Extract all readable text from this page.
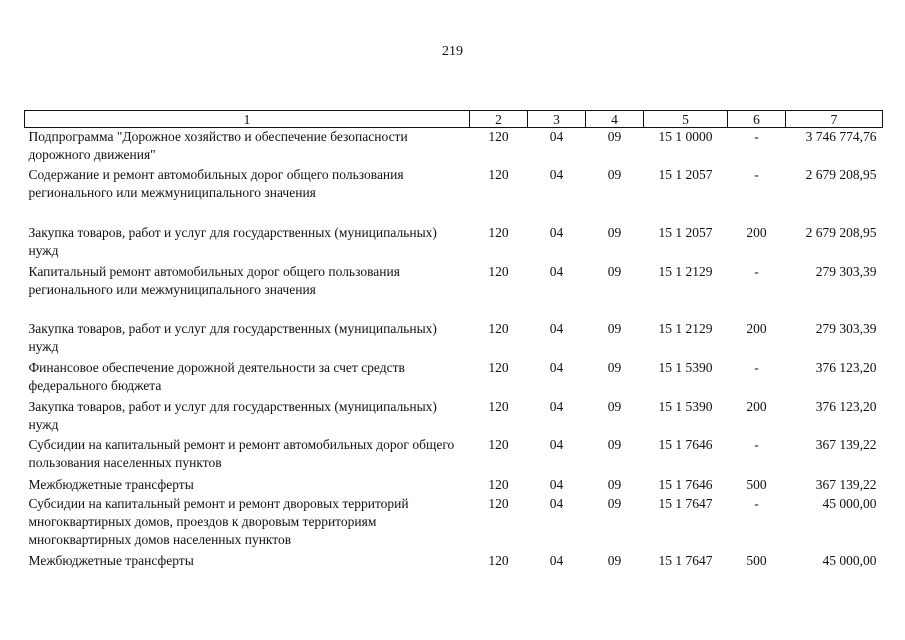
219
1	2	3	4	5	6	7
Подпрограмма "Дорожное хозяйство и обеспечение безопасности дорожного движения"	120	04	09	15 1 0000	-	3 746 774,76
Содержание и ремонт автомобильных дорог общего пользования регионального или межмуниципального значения	120	04	09	15 1 2057	-	2 679 208,95
Закупка товаров, работ и услуг для государственных (муниципальных) нужд	120	04	09	15 1 2057	200	2 679 208,95
Капитальный ремонт автомобильных дорог общего пользования регионального или межмуниципального значения	120	04	09	15 1 2129	-	279 303,39
Закупка товаров, работ и услуг для государственных (муниципальных) нужд	120	04	09	15 1 2129	200	279 303,39
Финансовое обеспечение дорожной деятельности за счет средств федерального бюджета	120	04	09	15 1 5390	-	376 123,20
Закупка товаров, работ и услуг для государственных (муниципальных) нужд	120	04	09	15 1 5390	200	376 123,20
Субсидии на капитальный ремонт и ремонт автомобильных дорог общего пользования населенных пунктов	120	04	09	15 1 7646	-	367 139,22
Межбюджетные трансферты	120	04	09	15 1 7646	500	367 139,22
Субсидии на капитальный ремонт и ремонт дворовых территорий многоквартирных домов, проездов к дворовым территориям многоквартирных домов населенных пунктов	120	04	09	15 1 7647	-	45 000,00
Межбюджетные трансферты	120	04	09	15 1 7647	500	45 000,00
